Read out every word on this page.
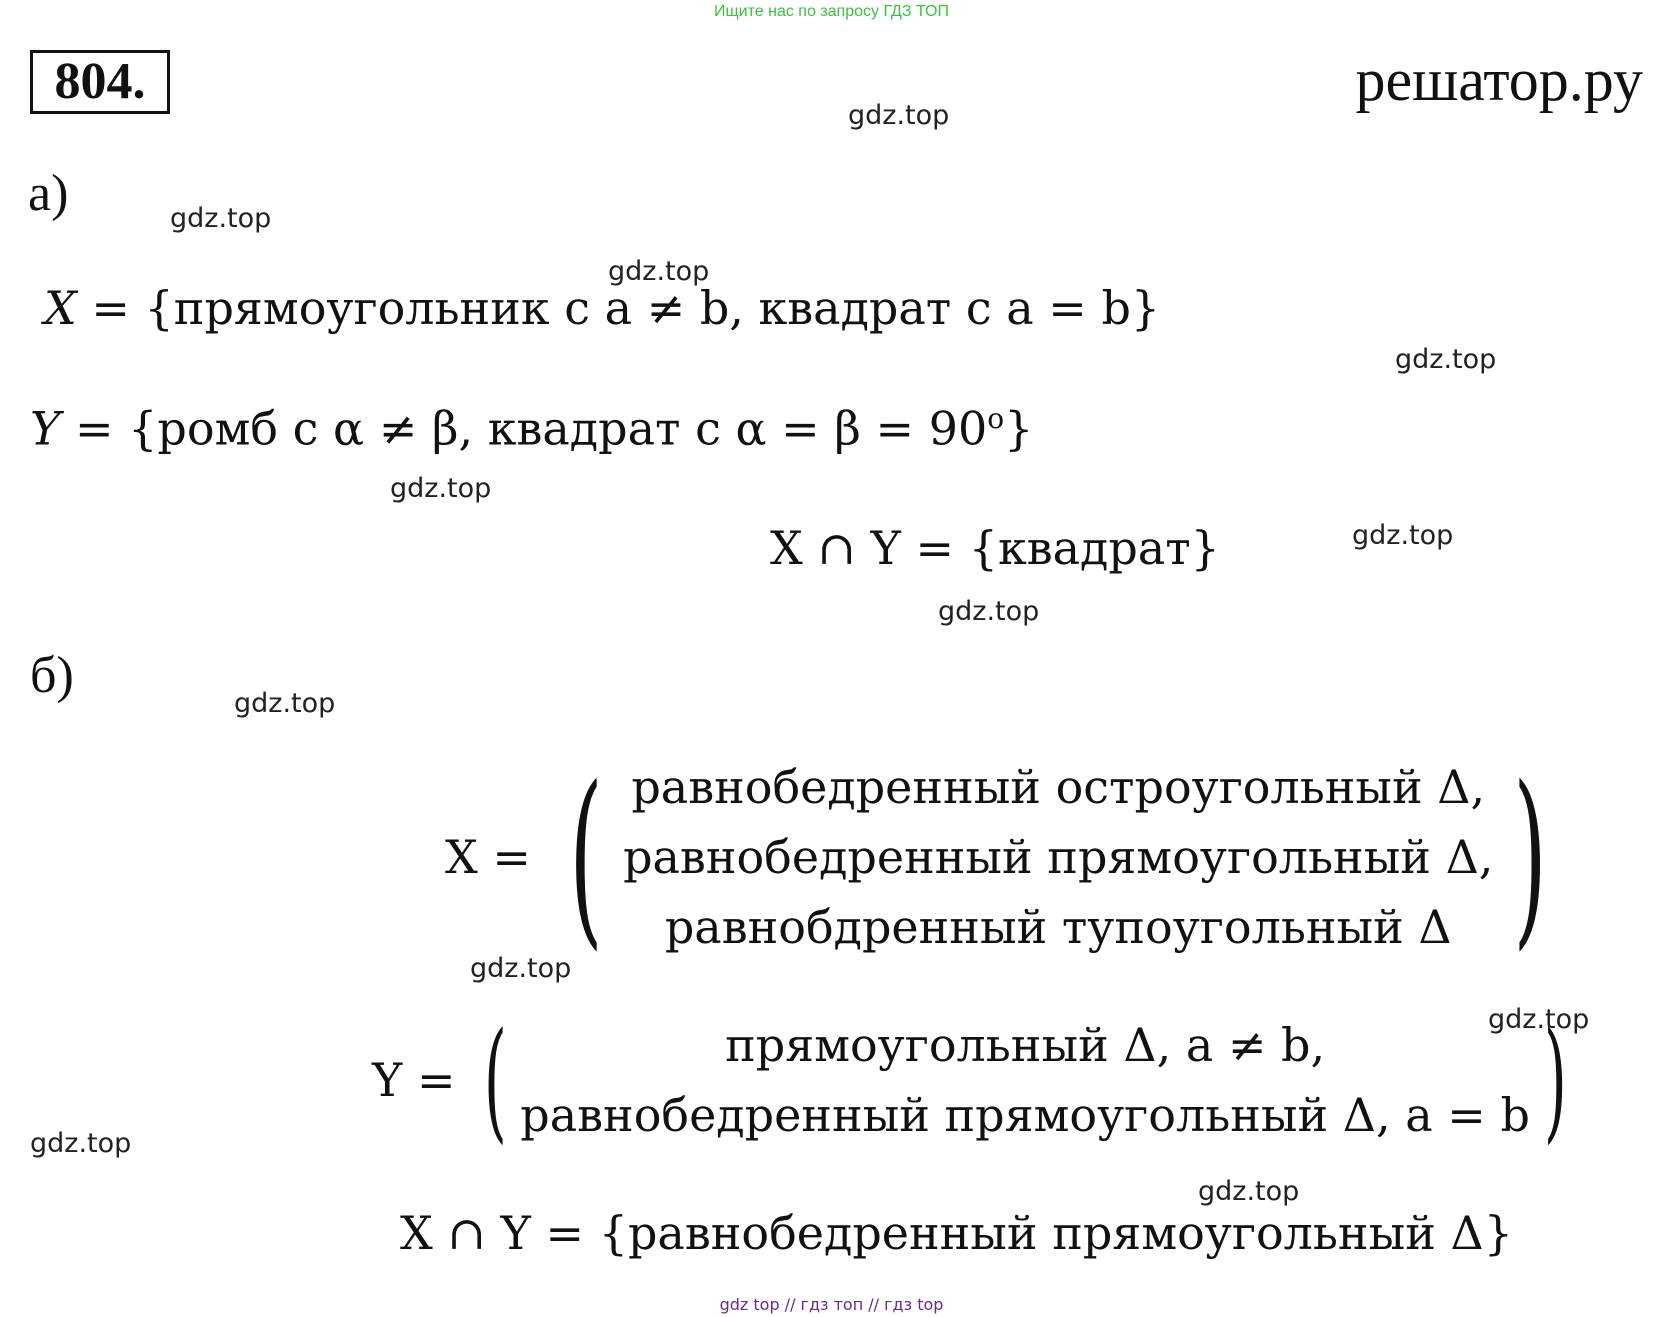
Ищите нас по запросу ГДЗ ТОП
804.	решатор.ру
gdz.top
gdz.top
gdz.top
gdz.top
gdz.top
gdz.top
gdz.top
gdz.top
gdz.top
gdz.top
gdz.top
gdz.top
а)
X = {прямоугольник с a ≠ b, квадрат с a = b}
Y = {ромб с α ≠ β, квадрат с $\alpha = \beta = 90^o$}
X ∩ Y = {квадрат}
б)
X = ( равнобедренный остроугольный Δ,
равнобедренный прямоугольный Δ,
равнобдренный тупоугольный Δ )
Y = (	прямоугольный Δ, a ≠ b,
равнобедренный прямоугольный Δ, a = b )
X ∩ Y = {равнобедренный прямоугольный Δ}
gdz top // гдз топ // гдз top
